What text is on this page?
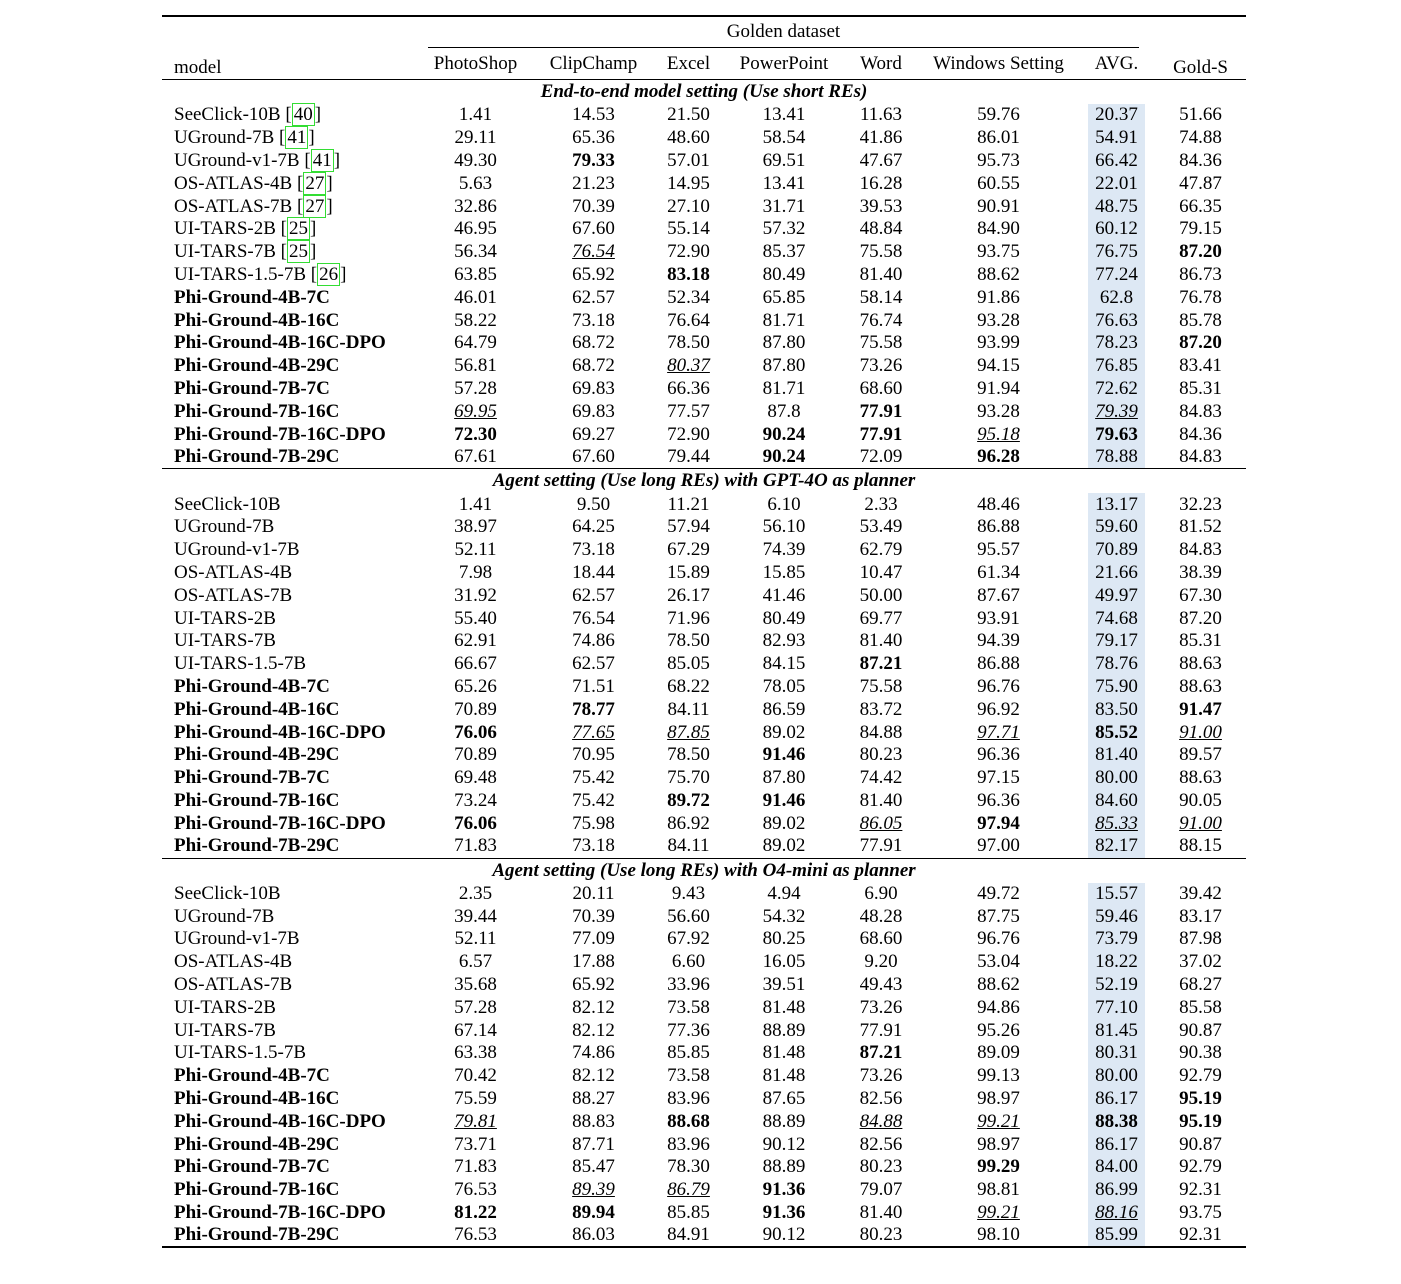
model	Golden dataset							Gold-S
	PhotoShop	ClipChamp	Excel	PowerPoint	Word	Windows Setting	AVG.	
End-to-end model setting (Use short REs)								
SeeClick-10B [ 40 ]	1.41	14.53	21.50	13.41	11.63	59.76	20.37	51.66
UGround-7B [ 41 ]	29.11	65.36	48.60	58.54	41.86	86.01	54.91	74.88
UGround-v1-7B [ 41 ]	49.30	79.33	57.01	69.51	47.67	95.73	66.42	84.36
OS-ATLAS-4B [ 27 ]	5.63	21.23	14.95	13.41	16.28	60.55	22.01	47.87
OS-ATLAS-7B [ 27 ]	32.86	70.39	27.10	31.71	39.53	90.91	48.75	66.35
UI-TARS-2B [ 25 ]	46.95	67.60	55.14	57.32	48.84	84.90	60.12	79.15
UI-TARS-7B [ 25 ]	56.34	76.54	72.90	85.37	75.58	93.75	76.75	87.20
UI-TARS-1.5-7B [ 26 ]	63.85	65.92	83.18	80.49	81.40	88.62	77.24	86.73
Phi-Ground-4B-7C	46.01	62.57	52.34	65.85	58.14	91.86	62.8	76.78
Phi-Ground-4B-16C	58.22	73.18	76.64	81.71	76.74	93.28	76.63	85.78
Phi-Ground-4B-16C-DPO	64.79	68.72	78.50	87.80	75.58	93.99	78.23	87.20
Phi-Ground-4B-29C	56.81	68.72	80.37	87.80	73.26	94.15	76.85	83.41
Phi-Ground-7B-7C	57.28	69.83	66.36	81.71	68.60	91.94	72.62	85.31
Phi-Ground-7B-16C	69.95	69.83	77.57	87.8	77.91	93.28	79.39	84.83
Phi-Ground-7B-16C-DPO	72.30	69.27	72.90	90.24	77.91	95.18	79.63	84.36
Phi-Ground-7B-29C	67.61	67.60	79.44	90.24	72.09	96.28	78.88	84.83
Agent setting (Use long REs) with GPT-4O as planner								
SeeClick-10B	1.41	9.50	11.21	6.10	2.33	48.46	13.17	32.23
UGround-7B	38.97	64.25	57.94	56.10	53.49	86.88	59.60	81.52
UGround-v1-7B	52.11	73.18	67.29	74.39	62.79	95.57	70.89	84.83
OS-ATLAS-4B	7.98	18.44	15.89	15.85	10.47	61.34	21.66	38.39
OS-ATLAS-7B	31.92	62.57	26.17	41.46	50.00	87.67	49.97	67.30
UI-TARS-2B	55.40	76.54	71.96	80.49	69.77	93.91	74.68	87.20
UI-TARS-7B	62.91	74.86	78.50	82.93	81.40	94.39	79.17	85.31
UI-TARS-1.5-7B	66.67	62.57	85.05	84.15	87.21	86.88	78.76	88.63
Phi-Ground-4B-7C	65.26	71.51	68.22	78.05	75.58	96.76	75.90	88.63
Phi-Ground-4B-16C	70.89	78.77	84.11	86.59	83.72	96.92	83.50	91.47
Phi-Ground-4B-16C-DPO	76.06	77.65	87.85	89.02	84.88	97.71	85.52	91.00
Phi-Ground-4B-29C	70.89	70.95	78.50	91.46	80.23	96.36	81.40	89.57
Phi-Ground-7B-7C	69.48	75.42	75.70	87.80	74.42	97.15	80.00	88.63
Phi-Ground-7B-16C	73.24	75.42	89.72	91.46	81.40	96.36	84.60	90.05
Phi-Ground-7B-16C-DPO	76.06	75.98	86.92	89.02	86.05	97.94	85.33	91.00
Phi-Ground-7B-29C	71.83	73.18	84.11	89.02	77.91	97.00	82.17	88.15
Agent setting (Use long REs) with O4-mini as planner								
SeeClick-10B	2.35	20.11	9.43	4.94	6.90	49.72	15.57	39.42
UGround-7B	39.44	70.39	56.60	54.32	48.28	87.75	59.46	83.17
UGround-v1-7B	52.11	77.09	67.92	80.25	68.60	96.76	73.79	87.98
OS-ATLAS-4B	6.57	17.88	6.60	16.05	9.20	53.04	18.22	37.02
OS-ATLAS-7B	35.68	65.92	33.96	39.51	49.43	88.62	52.19	68.27
UI-TARS-2B	57.28	82.12	73.58	81.48	73.26	94.86	77.10	85.58
UI-TARS-7B	67.14	82.12	77.36	88.89	77.91	95.26	81.45	90.87
UI-TARS-1.5-7B	63.38	74.86	85.85	81.48	87.21	89.09	80.31	90.38
Phi-Ground-4B-7C	70.42	82.12	73.58	81.48	73.26	99.13	80.00	92.79
Phi-Ground-4B-16C	75.59	88.27	83.96	87.65	82.56	98.97	86.17	95.19
Phi-Ground-4B-16C-DPO	79.81	88.83	88.68	88.89	84.88	99.21	88.38	95.19
Phi-Ground-4B-29C	73.71	87.71	83.96	90.12	82.56	98.97	86.17	90.87
Phi-Ground-7B-7C	71.83	85.47	78.30	88.89	80.23	99.29	84.00	92.79
Phi-Ground-7B-16C	76.53	89.39	86.79	91.36	79.07	98.81	86.99	92.31
Phi-Ground-7B-16C-DPO	81.22	89.94	85.85	91.36	81.40	99.21	88.16	93.75
Phi-Ground-7B-29C	76.53	86.03	84.91	90.12	80.23	98.10	85.99	92.31
